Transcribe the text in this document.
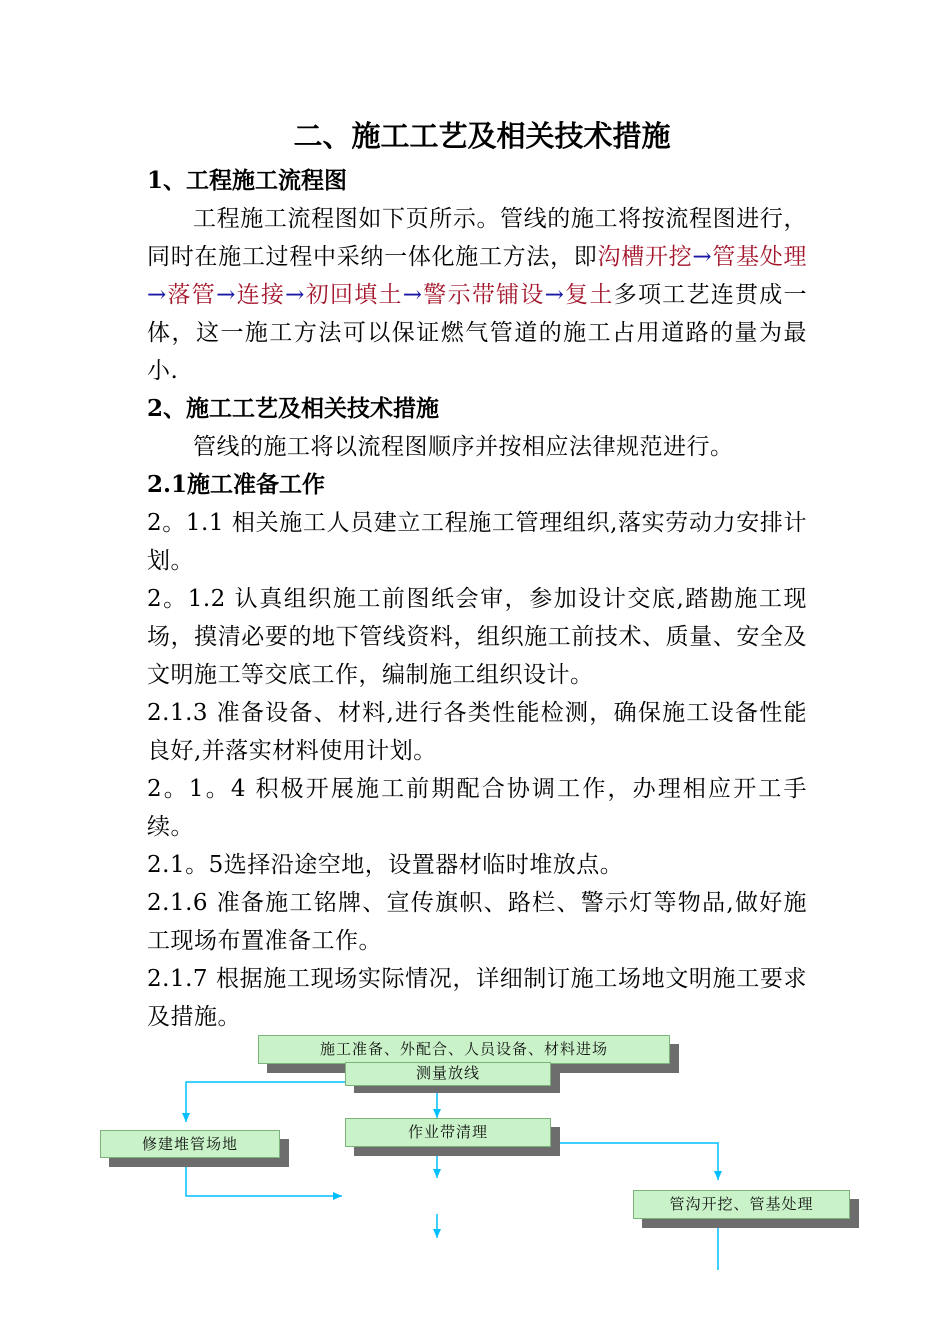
二、施工工艺及相关技术措施
1、工程施工流程图

工程施工流程图如下页所示。管线的施工将按流程图进行，同时在施工过程中采纳一体化施工方法，即沟槽开挖→管基处理→落管→连接→初回填土→警示带铺设→复土多项工艺连贯成一体，这一施工方法可以保证燃气管道的施工占用道路的量为最小.

2、施工工艺及相关技术措施

管线的施工将以流程图顺序并按相应法律规范进行。

2.1施工准备工作

2。1.1 相关施工人员建立工程施工管理组织,落实劳动力安排计划。

2。1.2 认真组织施工前图纸会审，参加设计交底,踏勘施工现场，摸清必要的地下管线资料，组织施工前技术、质量、安全及文明施工等交底工作，编制施工组织设计。

2.1.3 准备设备、材料,进行各类性能检测，确保施工设备性能良好,并落实材料使用计划。

2。1。4 积极开展施工前期配合协调工作，办理相应开工手续。

2.1。5选择沿途空地，设置器材临时堆放点。

2.1.6 准备施工铭牌、宣传旗帜、路栏、警示灯等物品,做好施工现场布置准备工作。

2.1.7 根据施工现场实际情况，详细制订施工场地文明施工要求及措施。

施工准备、外配合、人员设备、材料进场
测量放线
修建堆管场地
作业带清理
管沟开挖、管基处理
